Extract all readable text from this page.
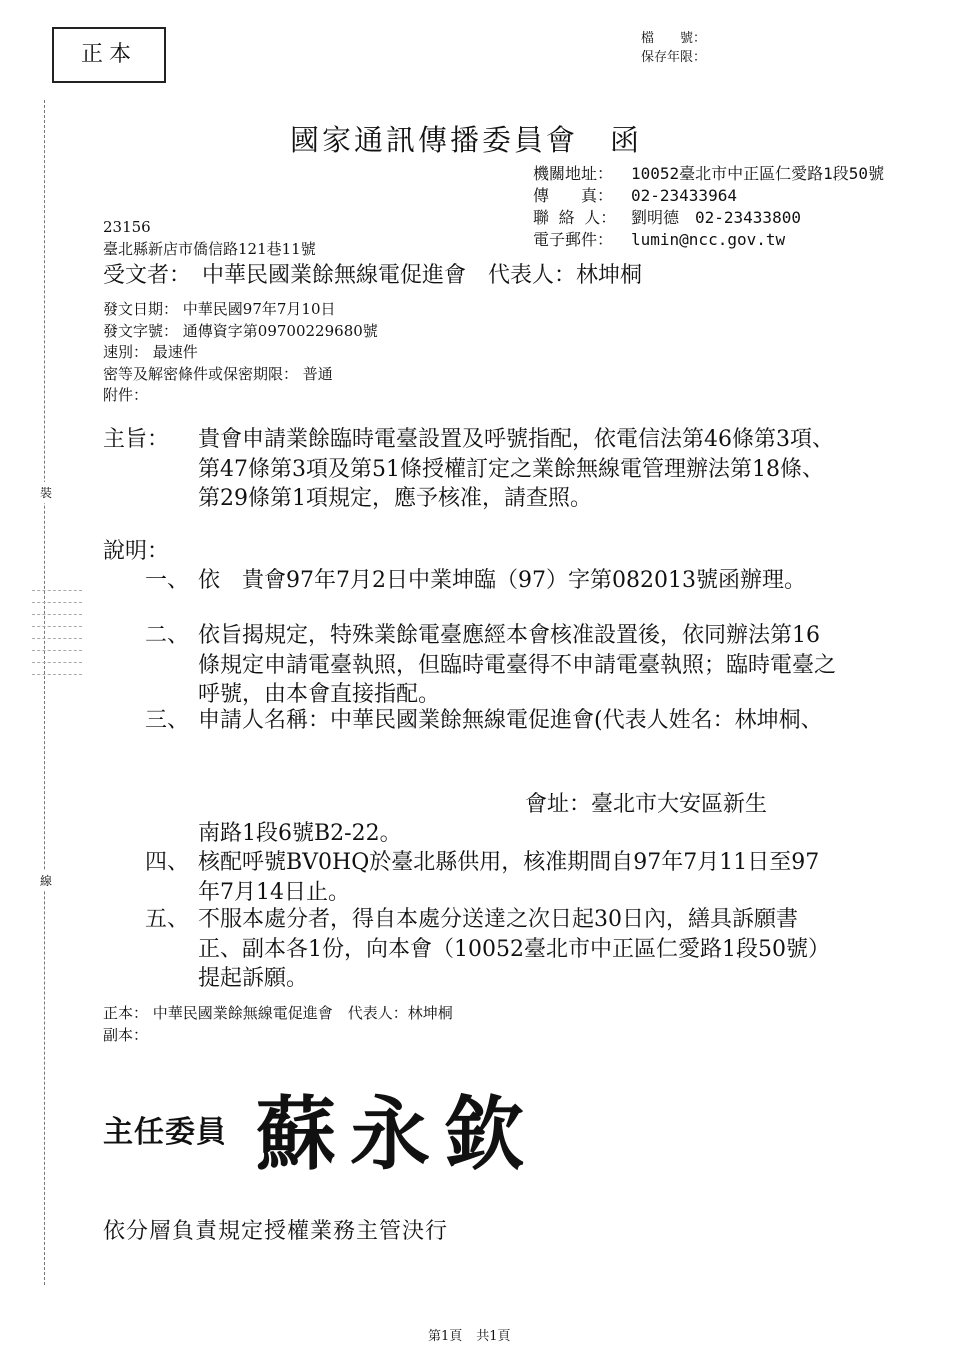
正本
檔　　號：
保存年限：
裝
線
國家通訊傳播委員會　函
機關地址： 10052臺北市中正區仁愛路1段50號
傳　　真： 02-23433964
聯 絡 人： 劉明德　02-23433800
電子郵件： lumin@ncc.gov.tw
23156
臺北縣新店市僑信路121巷11號
受文者：　中華民國業餘無線電促進會　代表人：林坤桐
發文日期： 中華民國97年7月10日
發文字號： 通傳資字第09700229680號
速別： 最速件
密等及解密條件或保密期限： 普通
附件：
主旨： 貴會申請業餘臨時電臺設置及呼號指配，依電信法第46條第3項、第47條第3項及第51條授權訂定之業餘無線電管理辦法第18條、第29條第1項規定，應予核准，請查照。
說明：
一、 依　貴會97年7月2日中業坤臨（97）字第082013號函辦理。
二、 依旨揭規定，特殊業餘電臺應經本會核准設置後，依同辦法第16條規定申請電臺執照，但臨時電臺得不申請電臺執照；臨時電臺之呼號，由本會直接指配。
三、 申請人名稱：中華民國業餘無線電促進會(代表人姓名：林坤桐、
會址：臺北市大安區新生
南路1段6號B2-22。
四、 核配呼號BV0HQ於臺北縣供用，核准期間自97年7月11日至97年7月14日止。
五、 不服本處分者，得自本處分送達之次日起30日內，繕具訴願書正、副本各1份，向本會（10052臺北市中正區仁愛路1段50號）提起訴願。
正本： 中華民國業餘無線電促進會　代表人：林坤桐
副本：
主任委員 蘇永欽
依分層負責規定授權業務主管決行
第1頁 共1頁
